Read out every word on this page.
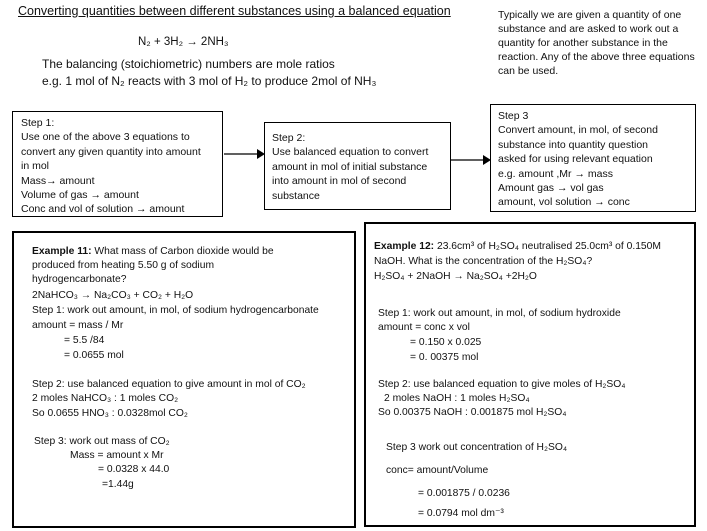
Converting quantities between different substances using a balanced equation
N₂ + 3H₂ → 2NH₃
The balancing (stoichiometric) numbers are mole ratios
e.g. 1 mol of N₂ reacts with 3 mol of H₂ to produce 2mol of NH₃
Typically we are given a quantity of one substance and are asked to work out a quantity for another substance in the reaction. Any of the above three equations can be used.
Step 1:
Use one of the above 3 equations to
convert any given quantity into amount
in mol
Mass→ amount
Volume of gas → amount
Conc and vol of solution → amount
Step 2:
Use balanced equation to convert
amount in mol of initial substance
into amount in mol of second
substance
Step 3
Convert amount, in mol, of second
substance into quantity question
asked for using relevant equation
e.g. amount ,Mr → mass
Amount gas → vol gas
amount, vol solution → conc
Example 11: What mass of Carbon dioxide would be
produced from heating 5.50 g of sodium
hydrogencarbonate?
2NaHCO₃ → Na₂CO₃ + CO₂ + H₂O
Step 1: work out amount, in mol, of sodium hydrogencarbonate
amount = mass / Mr
= 5.5 /84
= 0.0655 mol
Step 2: use balanced equation to give amount in mol of CO₂
2 moles NaHCO₃ : 1 moles CO₂
So 0.0655 HNO₃ : 0.0328mol CO₂
Step 3: work out mass of CO₂
Mass = amount x Mr
= 0.0328 x 44.0
=1.44g
Example 12: 23.6cm³ of H₂SO₄ neutralised 25.0cm³ of 0.150M
NaOH. What is the concentration of the H₂SO₄?
H₂SO₄ + 2NaOH → Na₂SO₄ +2H₂O
Step 1: work out amount, in mol, of sodium hydroxide
amount = conc x vol
= 0.150 x 0.025
= 0. 00375 mol
Step 2: use balanced equation to give moles of H₂SO₄
2 moles NaOH : 1 moles H₂SO₄
So 0.00375 NaOH : 0.001875 mol H₂SO₄
Step 3 work out concentration of H₂SO₄
conc= amount/Volume
= 0.001875 / 0.0236
= 0.0794 mol dm⁻³
